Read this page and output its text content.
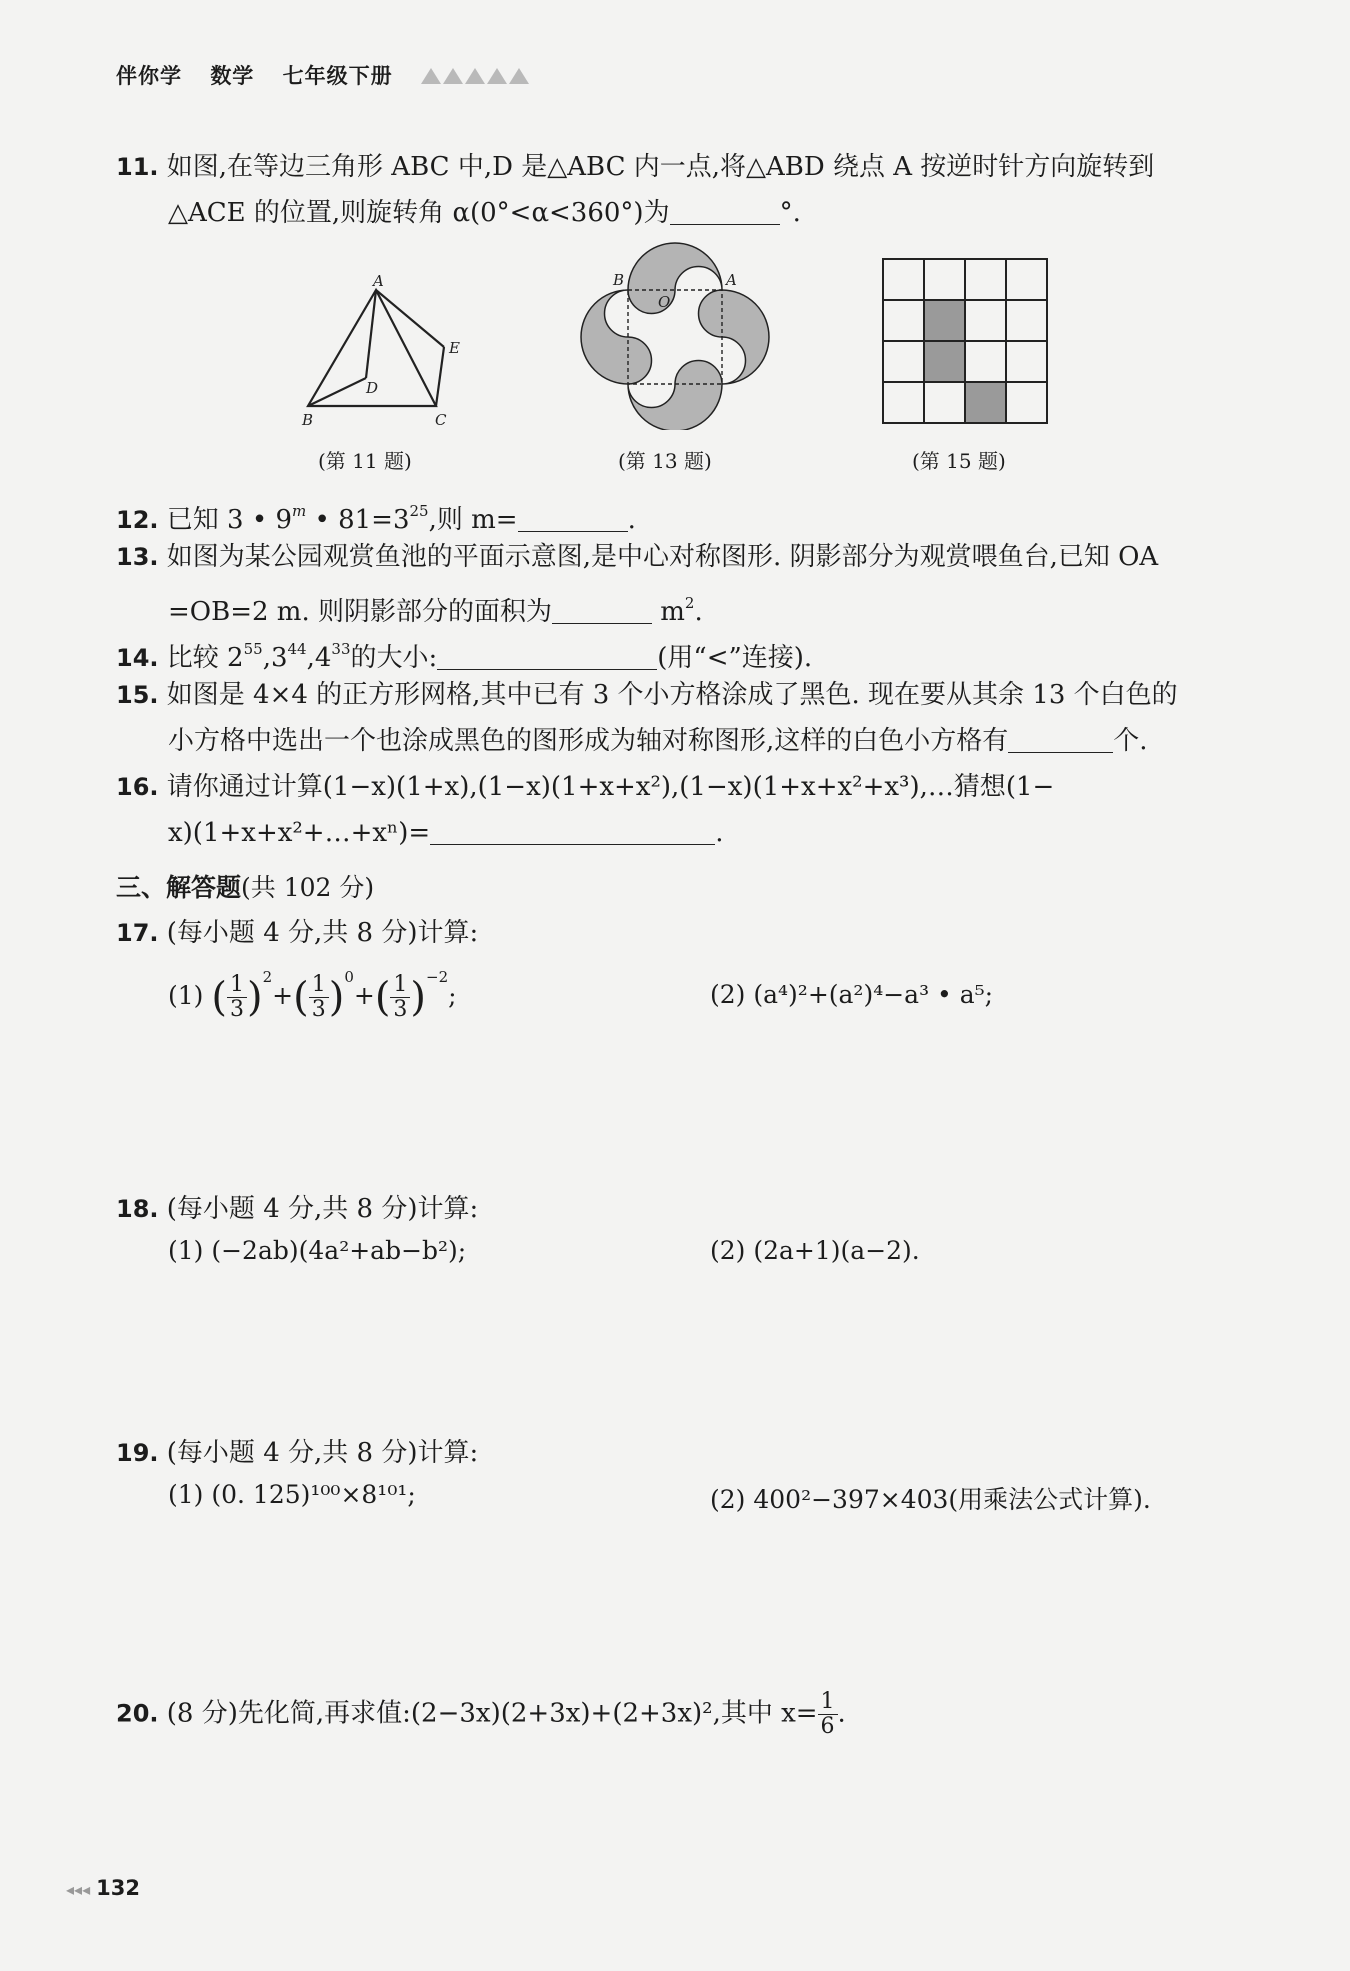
伴你学 数学 七年级下册
11. 如图,在等边三角形 ABC 中,D 是△ABC 内一点,将△ABD 绕点 A 按逆时针方向旋转到
△ACE 的位置,则旋转角 α(0°<α<360°)为	°.
A
B	C
D
E
(第 11 题)
B	A
O
(第 13 题)	(第 15 题)
12. 已知 3 • 9$^m$ • $81=3^{25}$,则 m=	.
13. 如图为某公园观赏鱼池的平面示意图,是中心对称图形. 阴影部分为观赏喂鱼台,已知 OA
=OB=2 m. 则阴影部分的面积为	$m^2$.
14. 比较 $2^{55},3^{44},4^{33}$的大小:	(用“<”连接).
15. 如图是 4×4 的正方形网格,其中已有 3 个小方格涂成了黑色. 现在要从其余 13 个白色的
小方格中选出一个也涂成黑色的图形成为轴对称图形,这样的白色小方格有	个.
16. 请你通过计算(1−x)(1+x),(1−x)(1+x+x²),(1−x)(1+x+x²+x³),…猜想(1−
x)(1+x+x²+…+xⁿ)=	.
三、解答题(共 102 分)
17. (每小题 4 分,共 8 分)计算:
(1) ( $\frac{1}{3} )^2+( \frac{1}{3} )^0+( \frac{1}{3} )^{-2}$;	(2) (a⁴)²+(a²)⁴−a³ • a⁵;
18. (每小题 4 分,共 8 分)计算:
(1) (−2ab)(4a²+ab−b²);	(2) (2a+1)(a−2).
19. (每小题 4 分,共 8 分)计算:
(1) (0. 125)¹⁰⁰×8¹⁰¹;	(2) 400²−397×403(用乘法公式计算).
20. (8 分)先化简,再求值:(2−3x)(2+3x)+(2+3x)²,其中 $x= \frac{1}{6}$ .
◂◂◂ 132
